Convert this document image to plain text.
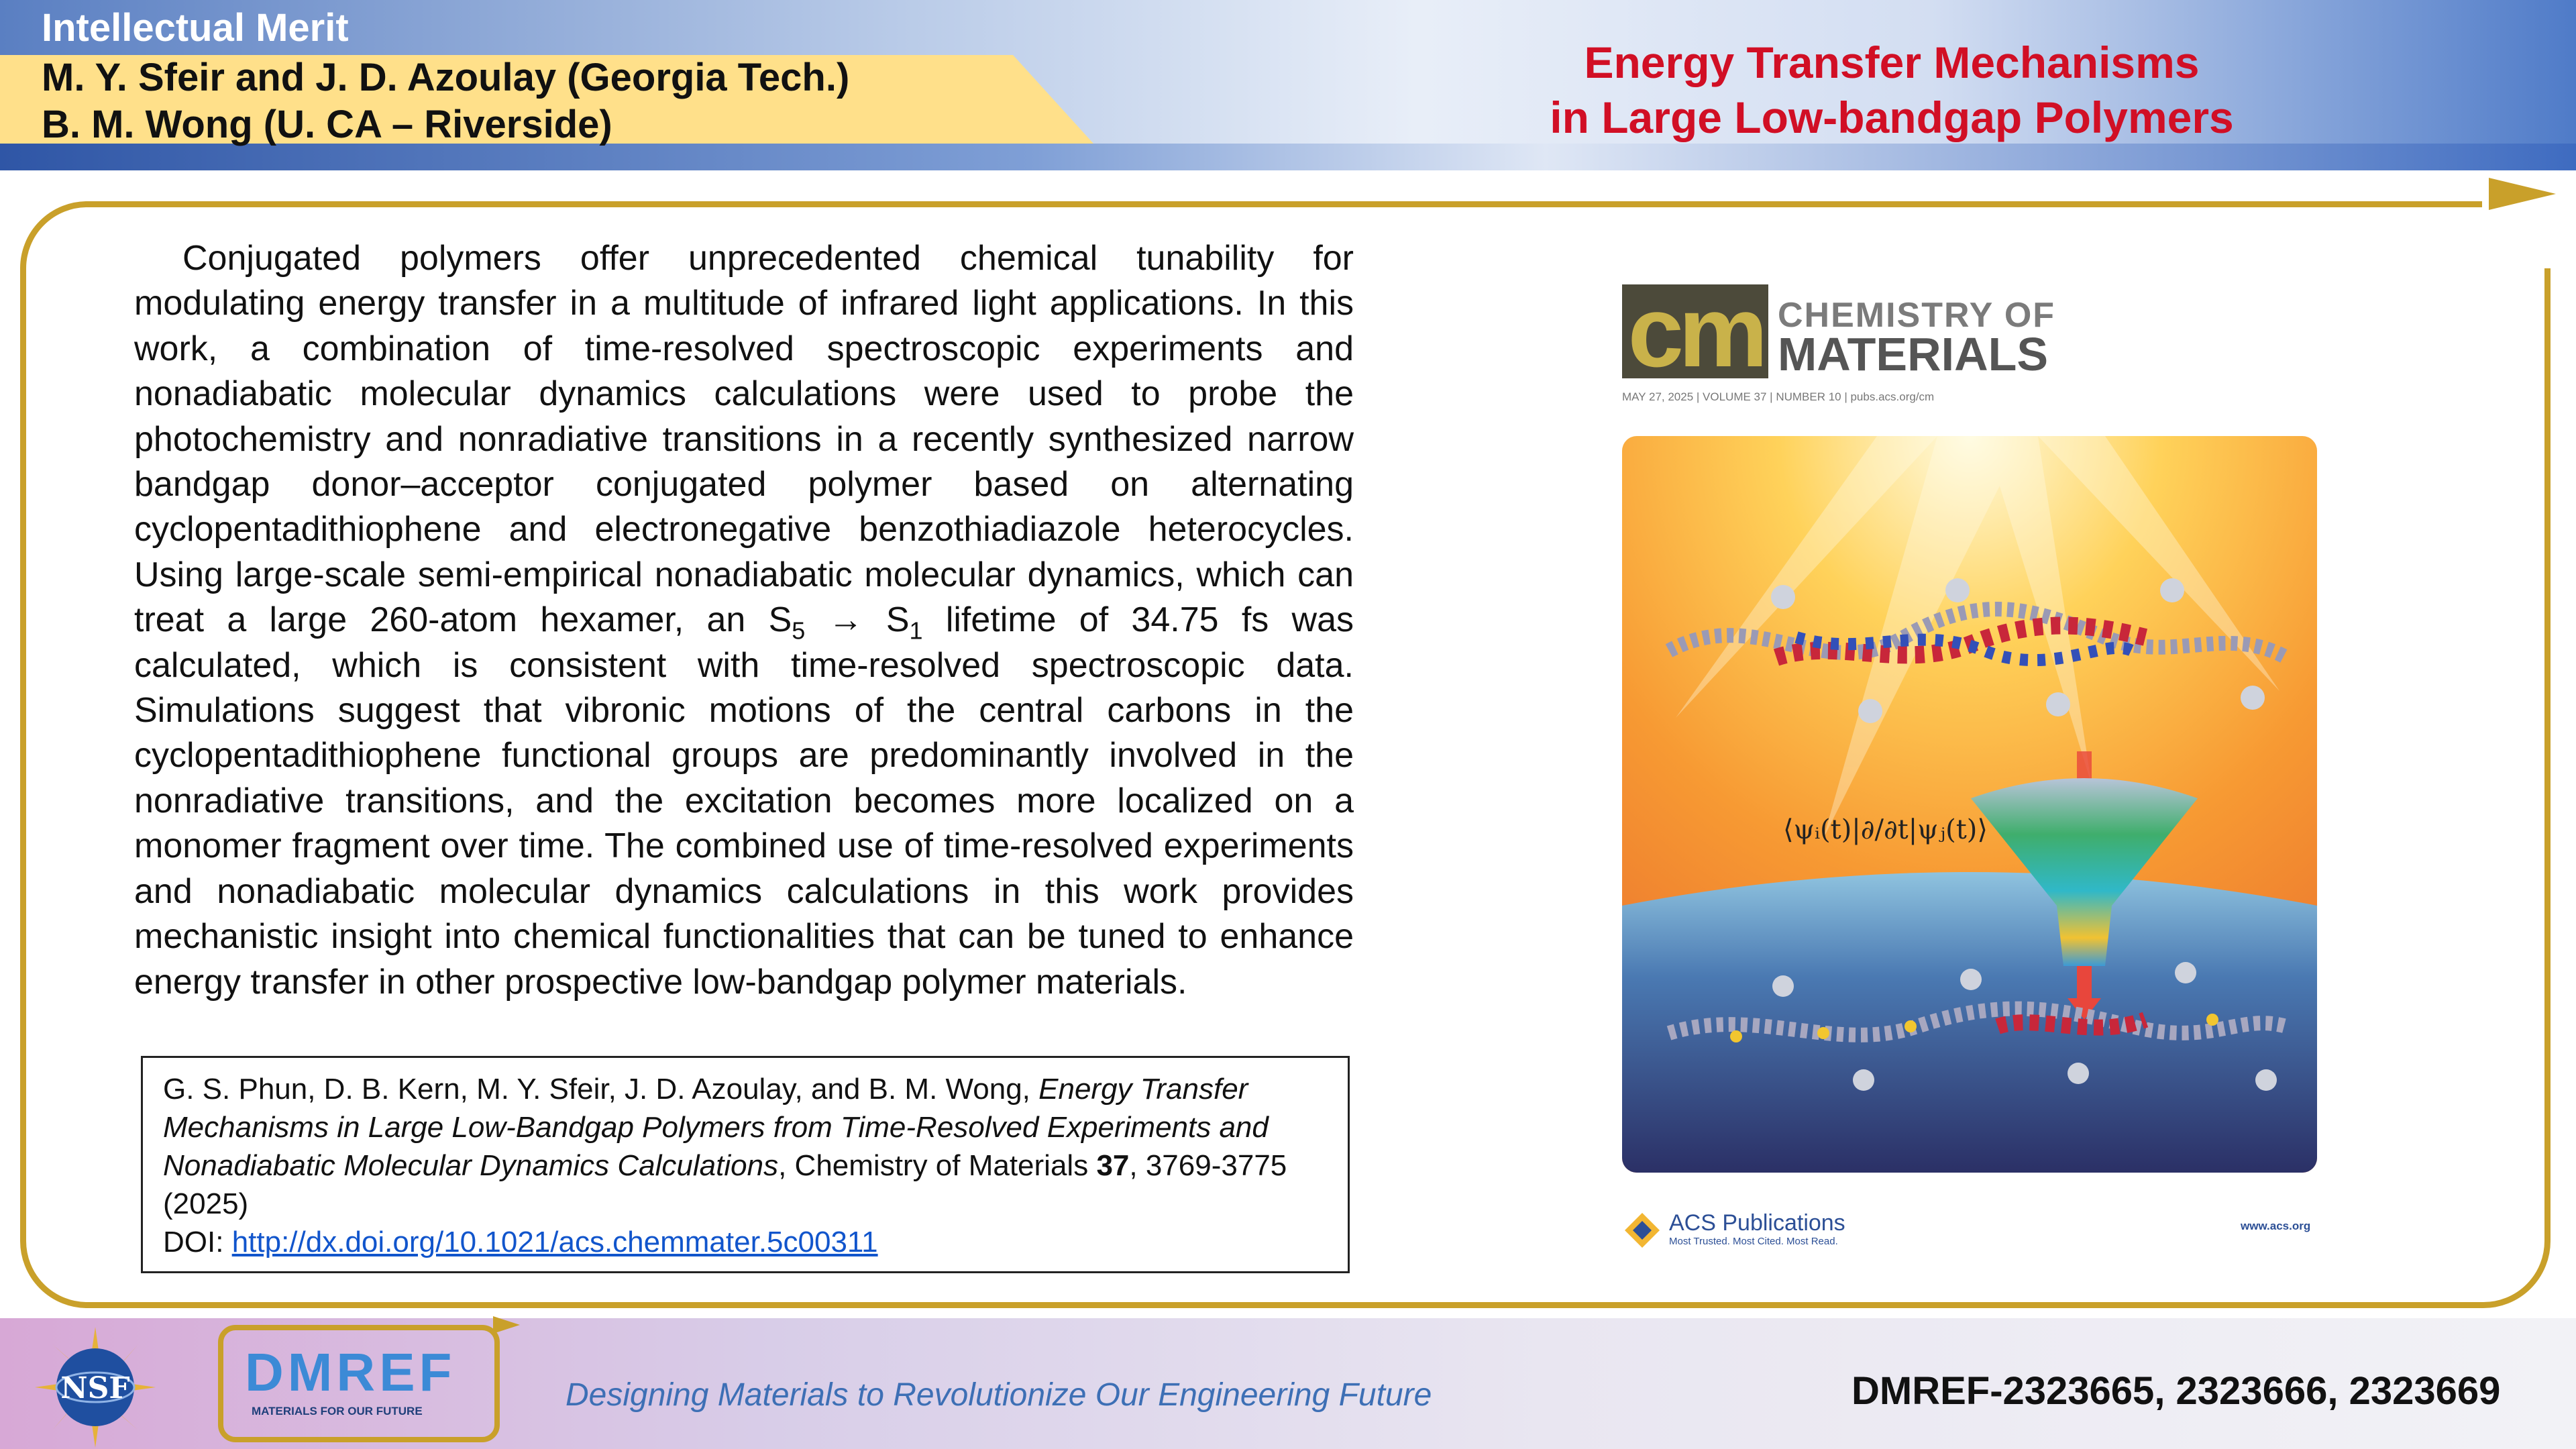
Intellectual Merit
M. Y. Sfeir and J. D. Azoulay (Georgia Tech.)
B. M. Wong (U. CA – Riverside)
Energy Transfer Mechanisms
in Large Low-bandgap Polymers

Conjugated polymers offer unprecedented chemical tunability for modulating energy transfer in a multitude of infrared light applications. In this work, a combination of time-resolved spectroscopic experiments and nonadiabatic molecular dynamics calculations were used to probe the photochemistry and nonradiative transitions in a recently synthesized narrow bandgap donor–acceptor conjugated polymer based on alternating cyclopentadithiophene and electronegative benzothiadiazole heterocycles. Using large-scale semi-empirical nonadiabatic molecular dynamics, which can treat a large 260-atom hexamer, an $S_5 \to S_1$ lifetime of 34.75 fs was calculated, which is consistent with time-resolved spectroscopic data. Simulations suggest that vibronic motions of the central carbons in the cyclopentadithiophene functional groups are predominantly involved in the nonradiative transitions, and the excitation becomes more localized on a monomer fragment over time. The combined use of time-resolved experiments and nonadiabatic molecular dynamics calculations in this work provides mechanistic insight into chemical functionalities that can be tuned to enhance energy transfer in other prospective low-bandgap polymer materials.

G. S. Phun, D. B. Kern, M. Y. Sfeir, J. D. Azoulay, and B. M. Wong, Energy Transfer Mechanisms in Large Low-Bandgap Polymers from Time-Resolved Experiments and Nonadiabatic Molecular Dynamics Calculations, Chemistry of Materials 37, 3769-3775 (2025)
DOI: http://dx.doi.org/10.1021/acs.chemmater.5c00311
cm CHEMISTRY OF
MATERIALS
MAY 27, 2025 | VOLUME 37 | NUMBER 10 | pubs.acs.org/cm
⟨ψᵢ(t)|∂/∂t|ψⱼ(t)⟩
ACS Publications
Most Trusted. Most Cited. Most Read.
www.acs.org
NSF DMREF
MATERIALS FOR OUR FUTURE	Designing Materials to Revolutionize Our Engineering Future	DMREF-2323665, 2323666, 2323669
